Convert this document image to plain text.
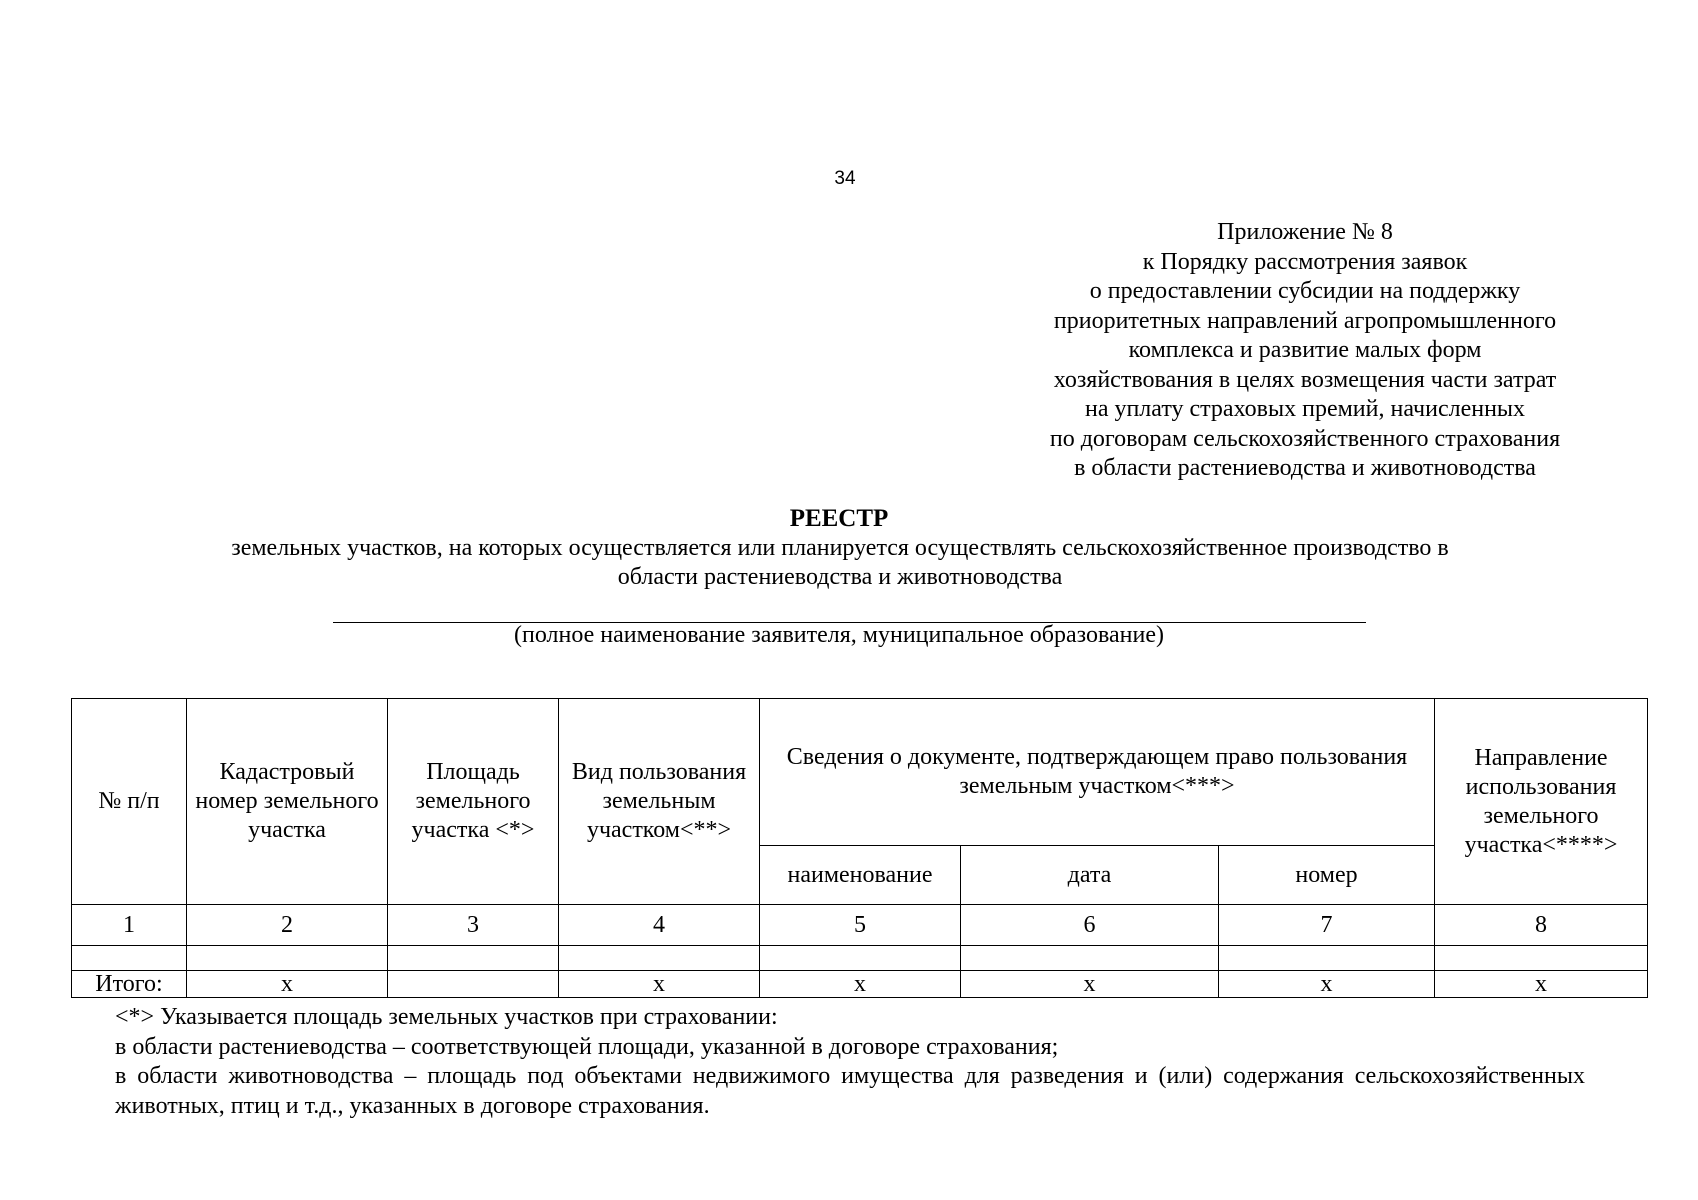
34
Приложение № 8
к Порядку рассмотрения заявок
о предоставлении субсидии на поддержку
приоритетных направлений агропромышленного
комплекса и развитие малых форм
хозяйствования в целях возмещения части затрат
на уплату страховых премий, начисленных
по договорам сельскохозяйственного страхования
в области растениеводства и животноводства
РЕЕСТР
земельных участков, на которых осуществляется или планируется осуществлять сельскохозяйственное производство в
области растениеводства и животноводства
(полное наименование заявителя, муниципальное образование)
№ п/п	Кадастровый номер земельного участка	Площадь земельного участка <*>	Вид пользования земельным участком<**>	Сведения о документе, подтверждающем право пользования земельным участком<***>			Направление использования земельного участка<****>
				наименование	дата	номер	
1	2	3	4	5	6	7	8

Итого:	х		х	х	х	х	х
<*> Указывается площадь земельных участков при страховании:
в области растениеводства – соответствующей площади, указанной в договоре страхования;
в области животноводства – площадь под объектами недвижимого имущества для разведения и (или) содержания сельскохозяйственных животных, птиц и т.д., указанных в договоре страхования.
